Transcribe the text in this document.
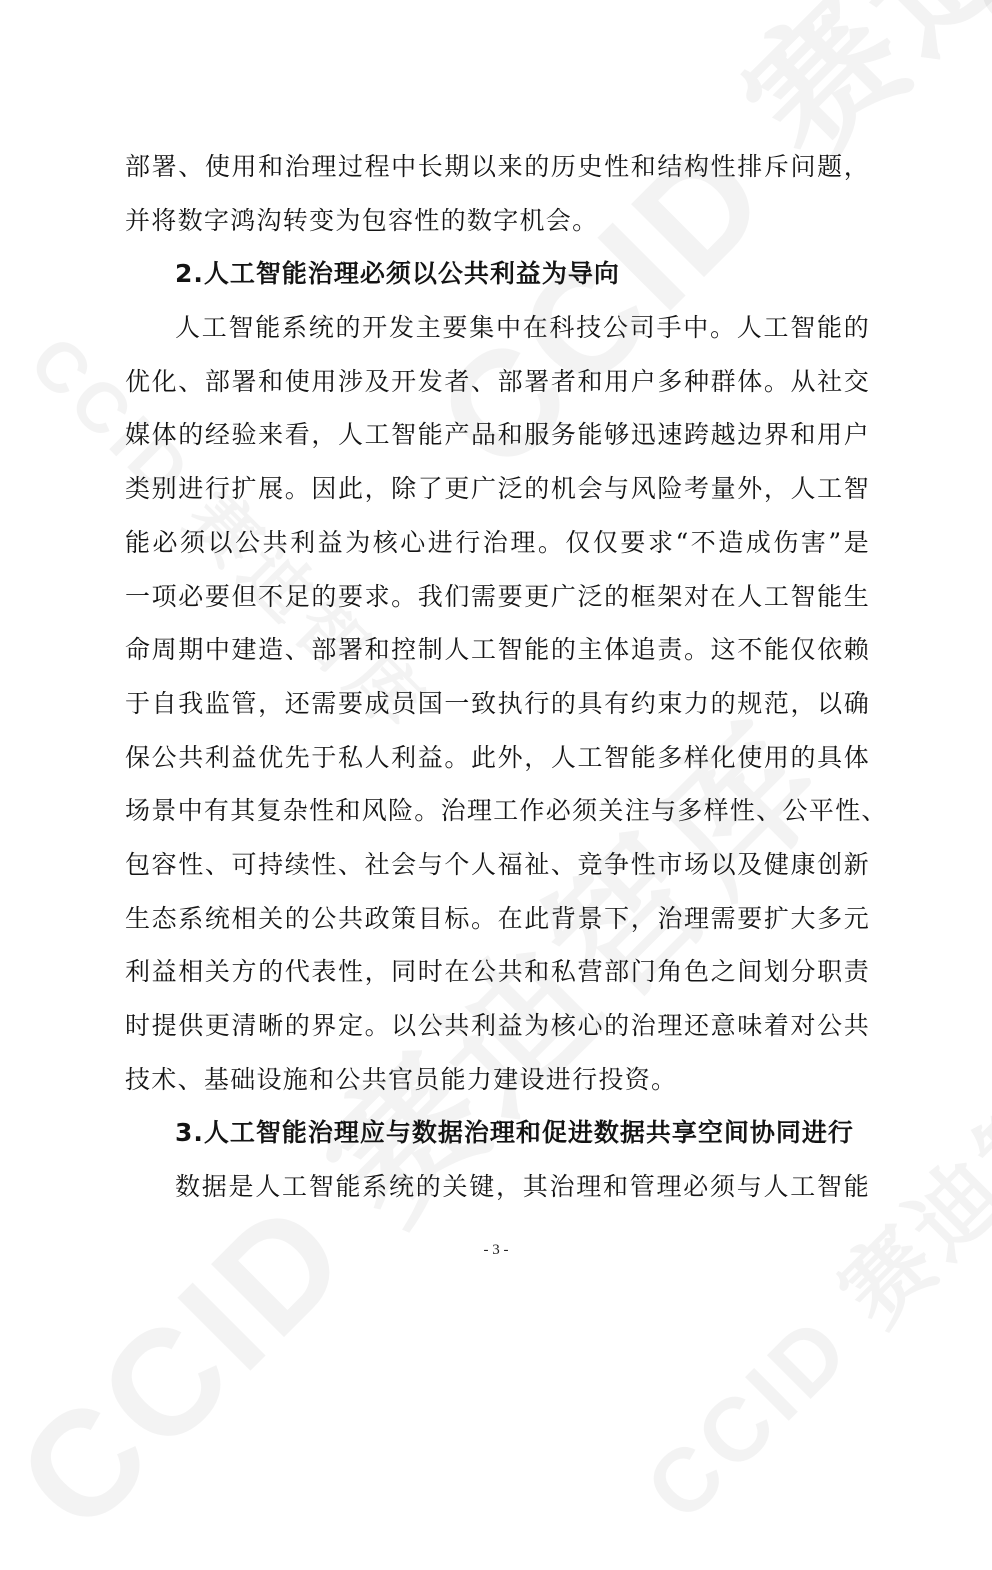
部署、使用和治理过程中长期以来的历史性和结构性排斥问题，
并将数字鸿沟转变为包容性的数字机会。
2.人工智能治理必须以公共利益为导向
人工智能系统的开发主要集中在科技公司手中。人工智能的
优化、部署和使用涉及开发者、部署者和用户多种群体。从社交
媒体的经验来看，人工智能产品和服务能够迅速跨越边界和用户
类别进行扩展。因此，除了更广泛的机会与风险考量外，人工智
能必须以公共利益为核心进行治理。仅仅要求“不造成伤害”是
一项必要但不足的要求。我们需要更广泛的框架对在人工智能生
命周期中建造、部署和控制人工智能的主体追责。这不能仅依赖
于自我监管，还需要成员国一致执行的具有约束力的规范，以确
保公共利益优先于私人利益。此外，人工智能多样化使用的具体
场景中有其复杂性和风险。治理工作必须关注与多样性、公平性、
包容性、可持续性、社会与个人福祉、竞争性市场以及健康创新
生态系统相关的公共政策目标。在此背景下，治理需要扩大多元
利益相关方的代表性，同时在公共和私营部门角色之间划分职责
时提供更清晰的界定。以公共利益为核心的治理还意味着对公共
技术、基础设施和公共官员能力建设进行投资。
3.人工智能治理应与数据治理和促进数据共享空间协同进行
数据是人工智能系统的关键，其治理和管理必须与人工智能
- 3 -
